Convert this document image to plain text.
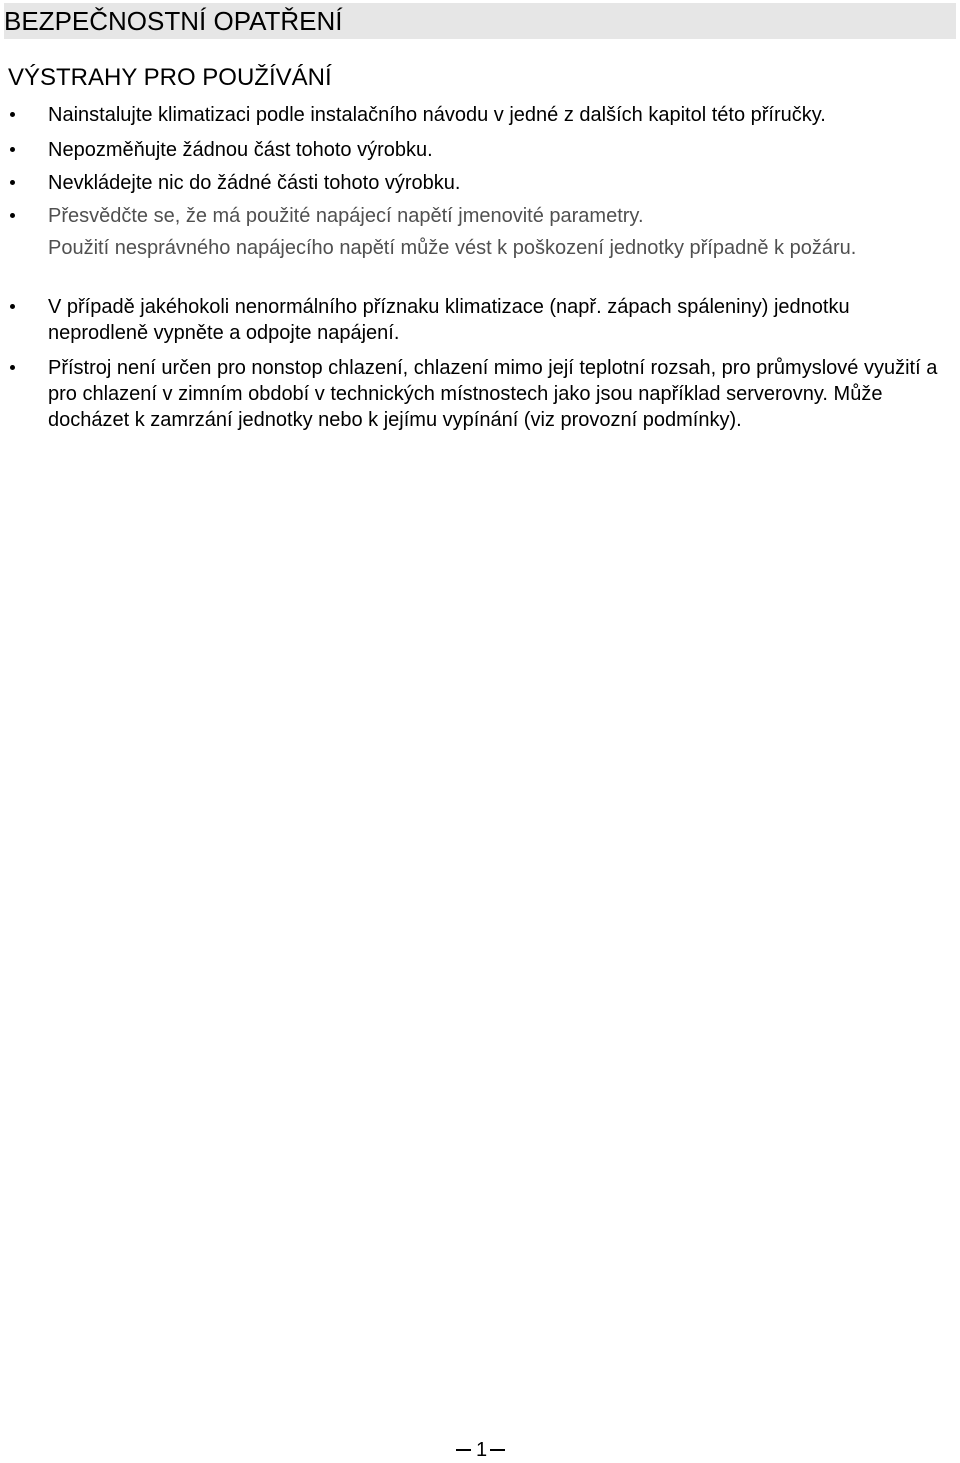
BEZPEČNOSTNÍ OPATŘENÍ
VÝSTRAHY PRO POUŽÍVÁNÍ
Nainstalujte klimatizaci podle instalačního návodu v jedné z dalších kapitol této příručky.
Nepozměňujte žádnou část tohoto výrobku.
Nevkládejte nic do žádné části tohoto výrobku.
Přesvědčte se, že má použité napájecí napětí jmenovité parametry.
Použití nesprávného napájecího napětí může vést k poškození jednotky případně k požáru.
V případě jakéhokoli nenormálního příznaku klimatizace (např. zápach spáleniny) jednotku neprodleně vypněte a odpojte napájení.
Přístroj není určen pro nonstop chlazení, chlazení mimo její teplotní rozsah, pro průmyslové využití a pro chlazení v zimním období v technických místnostech jako jsou například serverovny. Může docházet k zamrzání jednotky nebo k jejímu vypínání (viz provozní podmínky).
1
